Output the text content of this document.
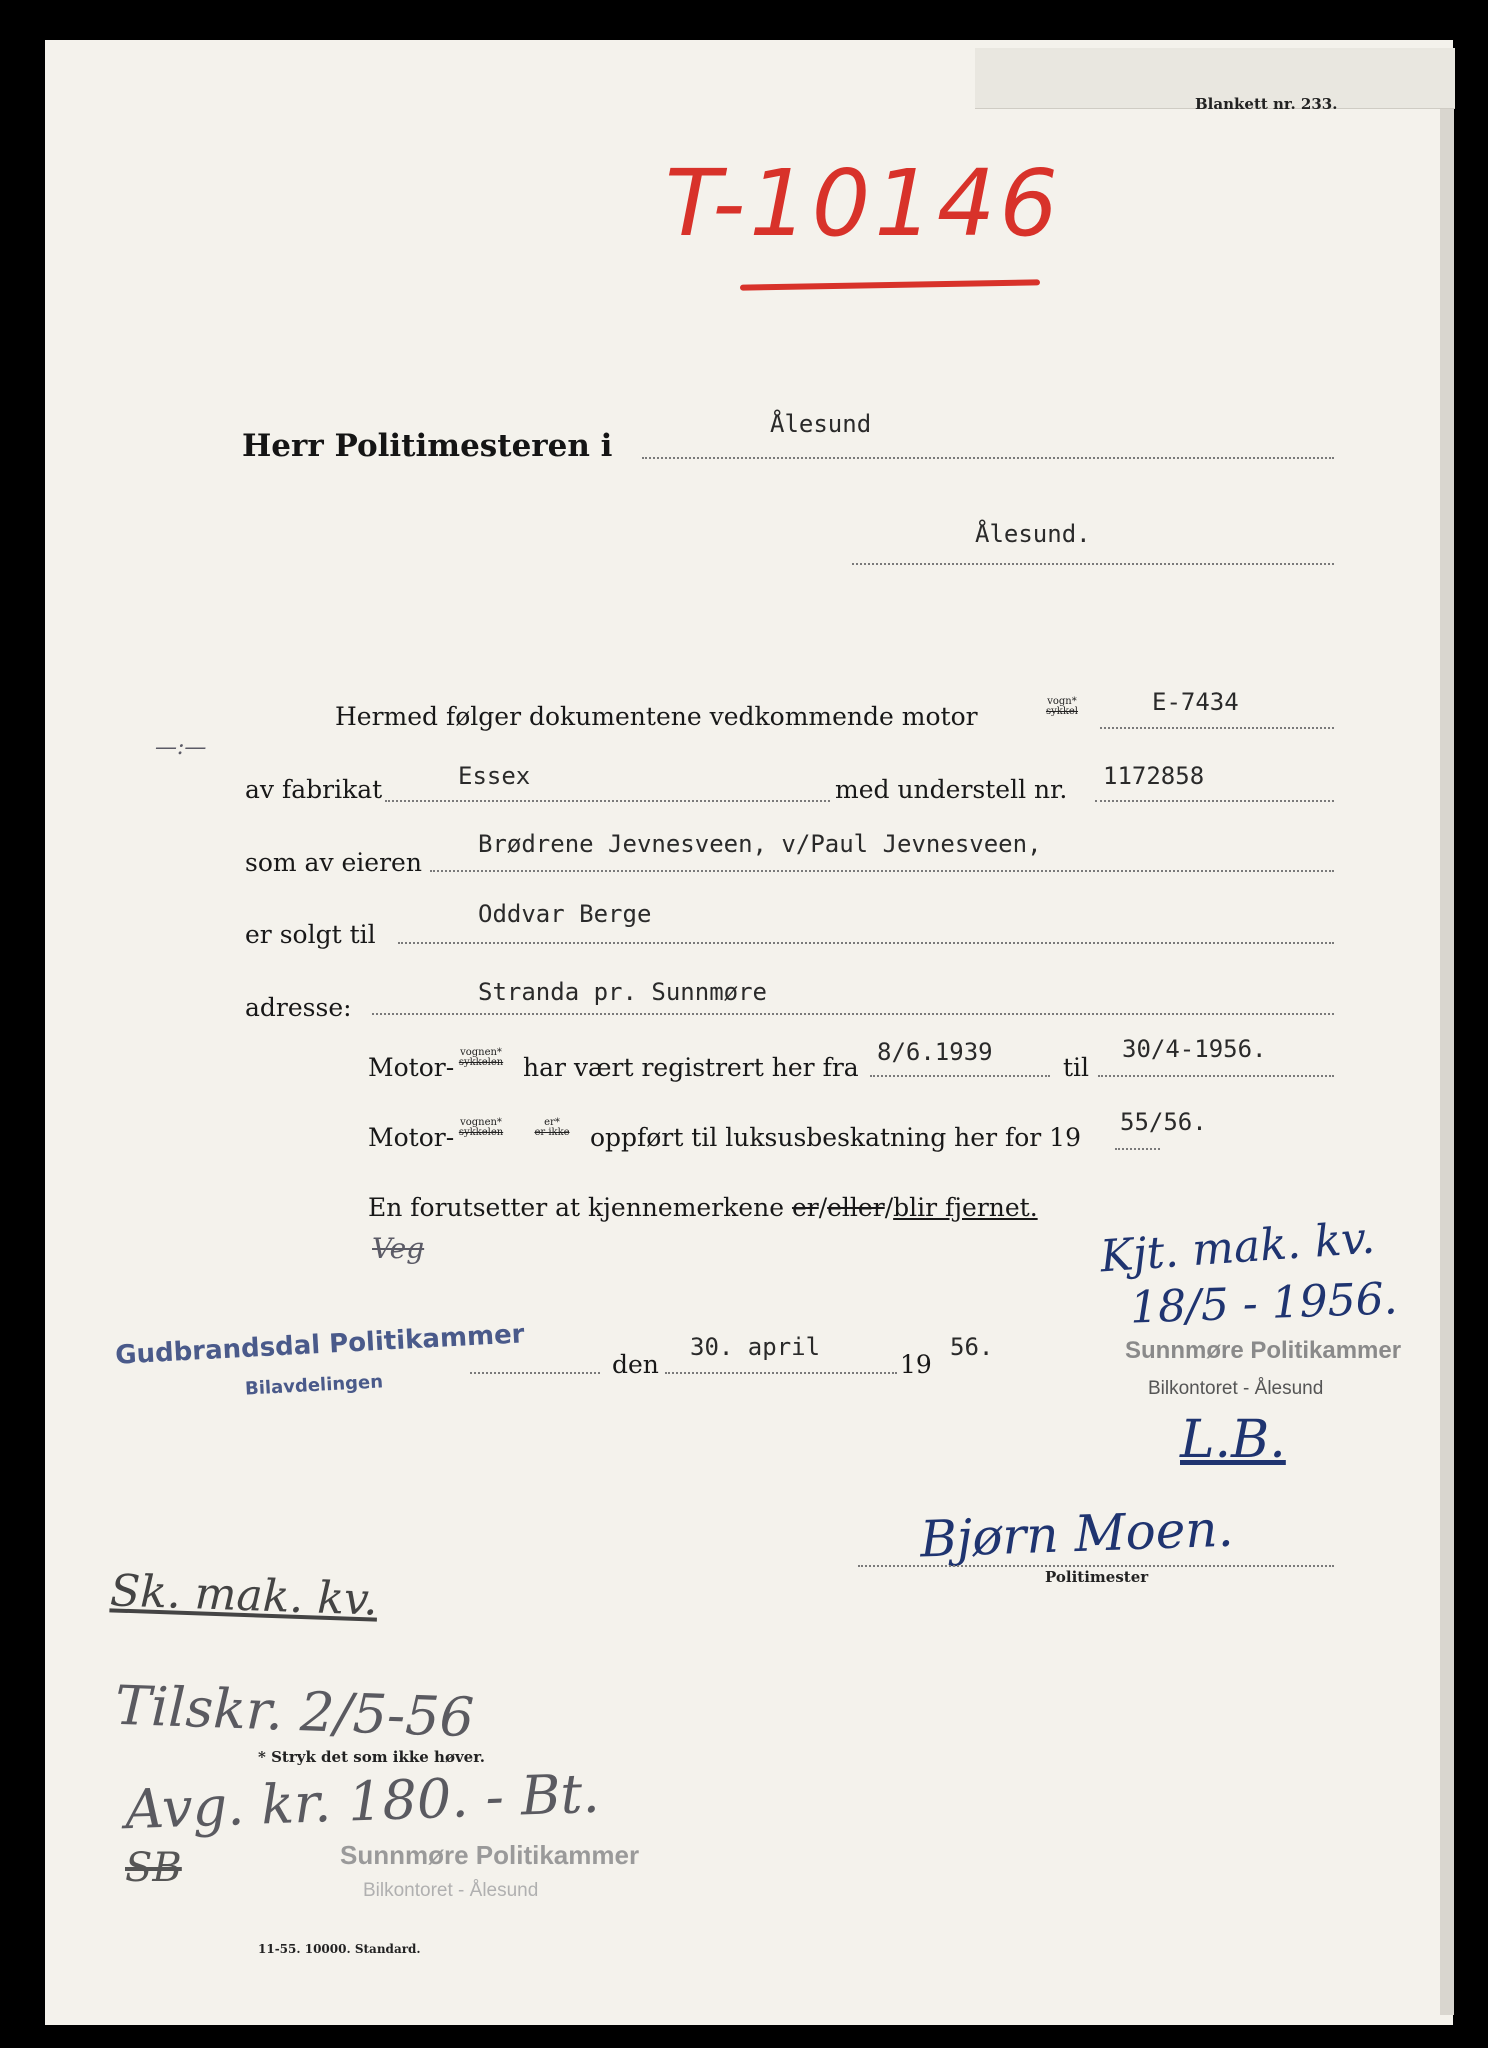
Blankett nr. 233.
T-10146
Herr Politimesteren i
Ålesund
Ålesund.
Hermed følger dokumentene vedkommende motor
vogn*
sykkel	E-7434
—:—
av fabrikat	Essex	med understell nr. 1172858
som av eieren
Brødrene Jevnesveen, v/Paul Jevnesveen,
er solgt til
Oddvar Berge
adresse:
Stranda pr. Sunnmøre
Motor-
vognen*
sykkelen har vært registrert her fra
8/6.1939
til
30/4-1956.
Motor-
vognen*
sykkelen
er*
er ikke oppført til luksusbeskatning her for 19
55/56.
En forutsetter at kjennemerkene er/eller/blir fjernet.
Veg
den
30. april
19
56.
Gudbrandsdal Politikammer
Bilavdelingen
Kjt. mak. kv.
18/5 - 1956.
Sunnmøre Politikammer
Bilkontoret - Ålesund
L.B.
Bjørn Moen.
Politimester
Sk. mak. kv.
Tilskr. 2/5-56
* Stryk det som ikke høver.
Avg. kr. 180. - Bt.
SB	Sunnmøre Politikammer
Bilkontoret - Ålesund
11-55. 10000. Standard.
